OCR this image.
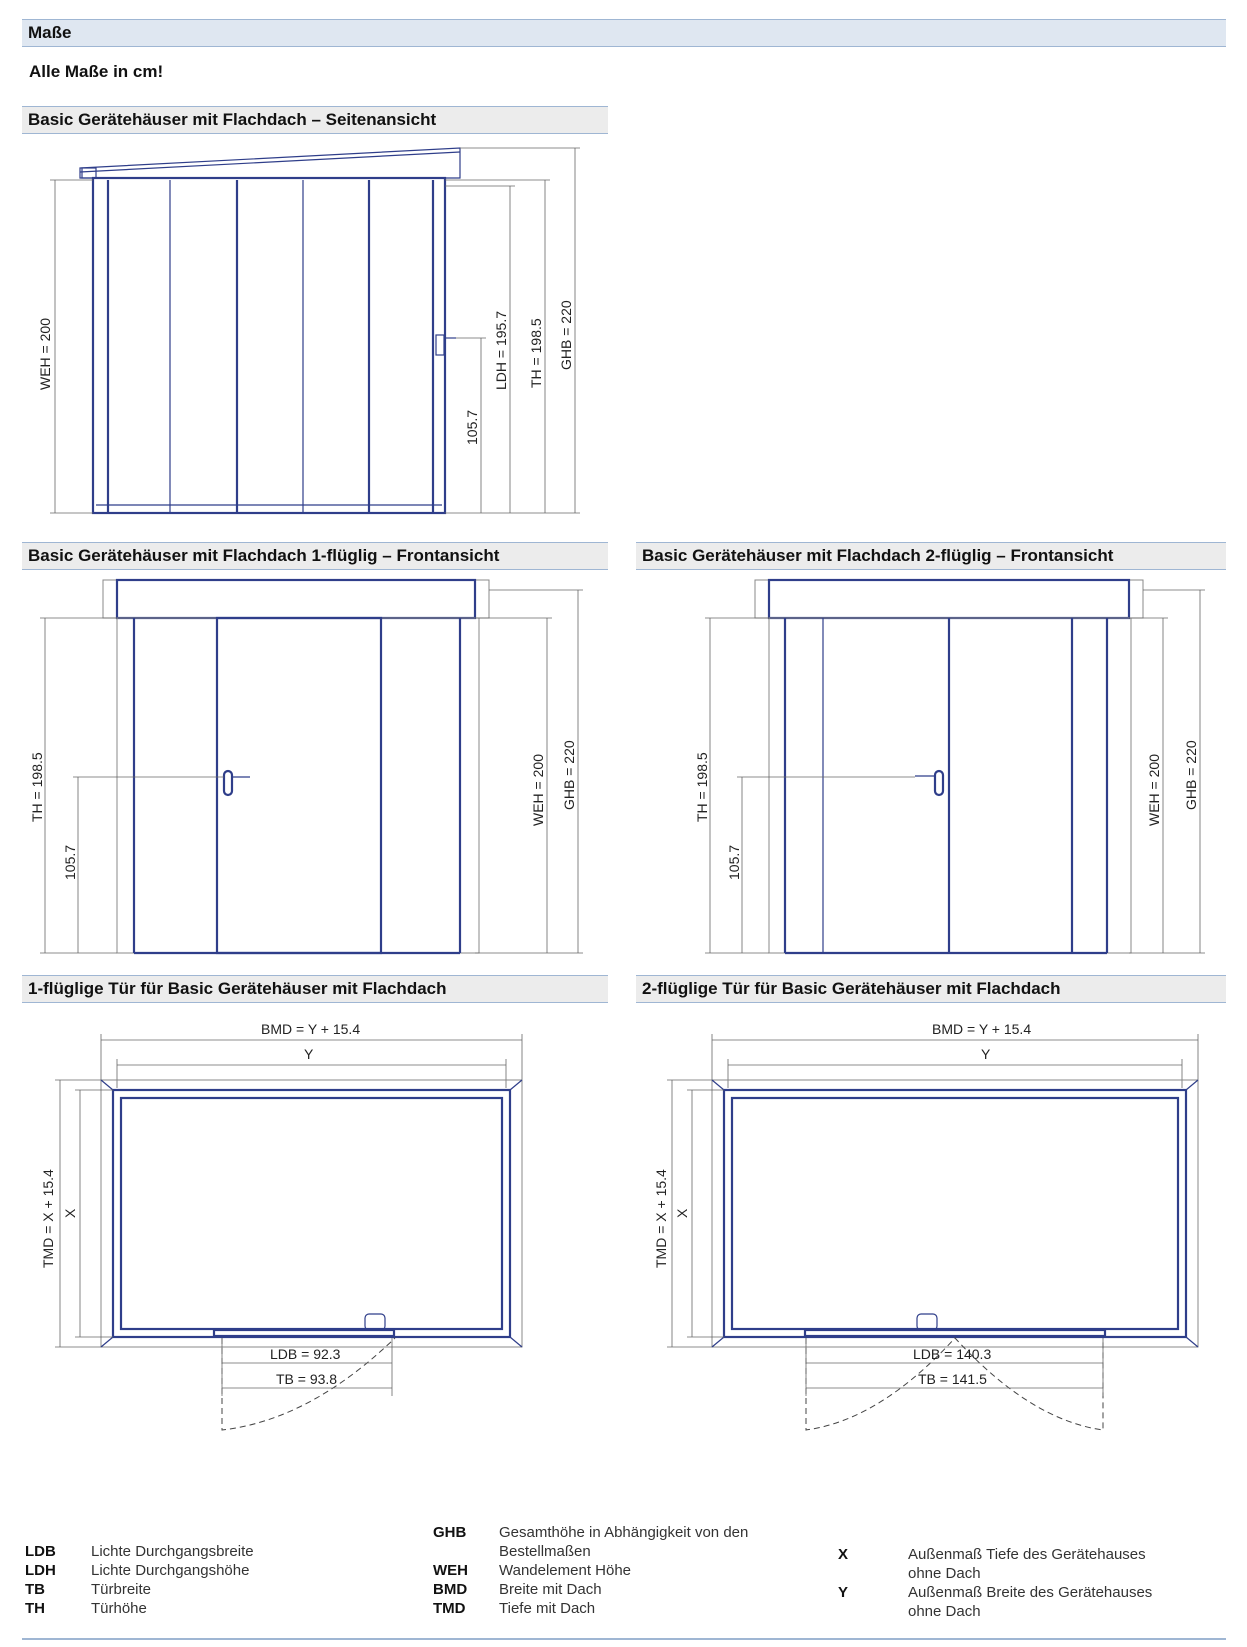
Maße
Alle Maße in cm!
Basic Gerätehäuser mit Flachdach – Seitenansicht
Basic Gerätehäuser mit Flachdach 1-flüglig – Frontansicht	Basic Gerätehäuser mit Flachdach 2-flüglig – Frontansicht
1-flüglige Tür für Basic Gerätehäuser mit Flachdach	2-flüglige Tür für Basic Gerätehäuser mit Flachdach
WEH = 200
105.7
LDH = 195.7 TH = 198.5 GHB = 220
TH = 198.5
105.7
WEH = 200 GHB = 220	TH = 198.5
105.7
WEH = 200 GHB = 220
BMD = Y + 15.4
Y
TMD = X + 15.4 X
LDB = 92.3
TB = 93.8
BMD = Y + 15.4
Y
TMD = X + 15.4 X
LDB = 140.3
TB = 141.5
LDB	Lichte Durchgangsbreite
LDH	Lichte Durchgangshöhe
TB	Türbreite
TH	Türhöhe
GHB	Gesamthöhe in Abhängigkeit von den
Bestellmaßen
WEH	Wandelement Höhe
BMD	Breite mit Dach
TMD	Tiefe mit Dach
X	Außenmaß Tiefe des Gerätehauses
ohne Dach
Y	Außenmaß Breite des Gerätehauses
ohne Dach
